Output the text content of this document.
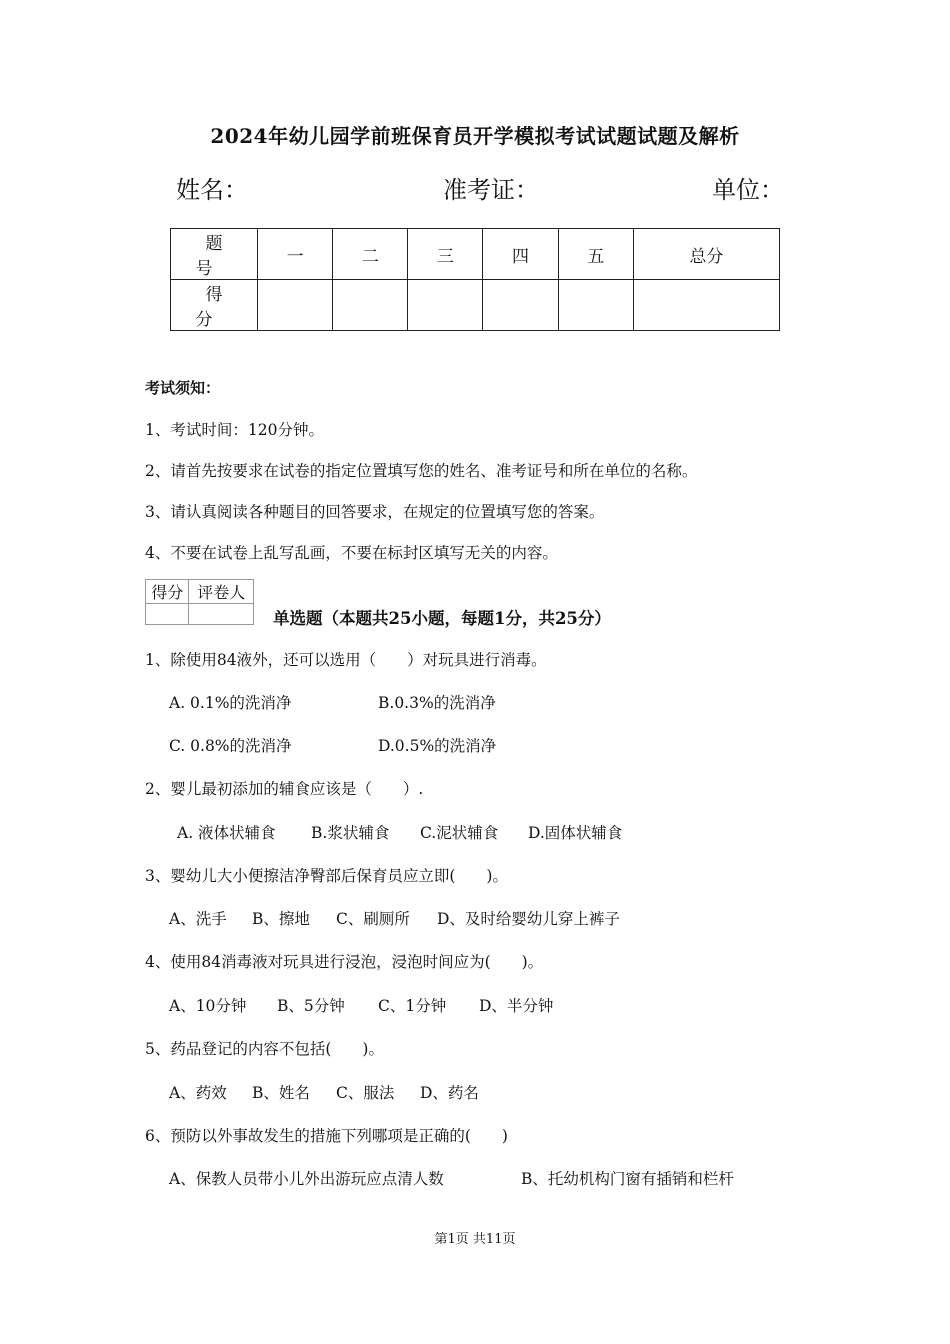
2024年幼儿园学前班保育员开学模拟考试试题试题及解析
姓名：	准考证：	单位：
题 号	一	二	三	四	五	总分
得 分						
考试须知：
1、考试时间：120分钟。
2、请首先按要求在试卷的指定位置填写您的姓名、准考证号和所在单位的名称。
3、请认真阅读各种题目的回答要求，在规定的位置填写您的答案。
4、不要在试卷上乱写乱画，不要在标封区填写无关的内容。
得分	评卷人

单选题（本题共25小题，每题1分，共25分）
1、除使用84液外，还可以选用（　　）对玩具进行消毒。
A. 0.1%的洗消净	B.0.3%的洗消净
C. 0.8%的洗消净	D.0.5%的洗消净
2、婴儿最初添加的辅食应该是（　　）.
A. 液体状辅食 B.浆状辅食 C.泥状辅食 D.固体状辅食
3、婴幼儿大小便擦洁净臀部后保育员应立即(　　)。
A、洗手 B、擦地 C、刷厕所 D、及时给婴幼儿穿上裤子
4、使用84消毒液对玩具进行浸泡，浸泡时间应为(　　)。
A、10分钟 B、5分钟 C、1分钟 D、半分钟
5、药品登记的内容不包括(　　)。
A、药效 B、姓名 C、服法 D、药名
6、预防以外事故发生的措施下列哪项是正确的(　　)
A、保教人员带小儿外出游玩应点清人数	B、托幼机构门窗有插销和栏杆
第1页 共11页
